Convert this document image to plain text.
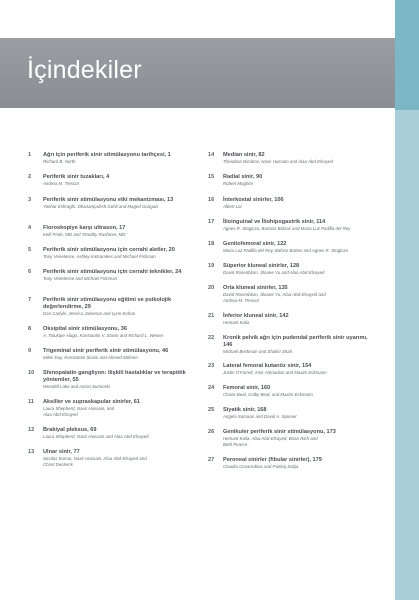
İçindekiler
1	Ağrı için periferik sinir stimülasyonu tarihçesi, 1
Richard B. North
2	Periferik sinir tuzakları, 4
Andrea M. Trescot
3	Periferik sinir stimülasyonu etki mekanizması, 13
Yashar Eshraghi, Dhanampahsh Gohil and Maged Guirguis
4	Floroskopiye karşı ultrason, 17
Kelli Pride, MD and Timothy Rushmer, MD
5	Periferik sinir stimülasyonu için cerrahi aletler, 20
Tony Venetesse, Ashley Katsarakes and Michael Fishman
6	Periferik sinir stimülasyonu için cerrahi teknikler, 24
Tony Venetesse and Michael Fishman
7	Periferik sinir stimülasyonu eğitimi ve psikolojik değerlendirme, 29
Dan Carlyle, Jessica Jameson and Lynn Kohan
8	Oksipital sinir stimülasyonu, 36
A. Tolulope Alugo, Konstantin V. Slavin and Richard L. Weiner
9	Trigeminal sinir periferik sinir stimülasyonu, 46
Miles Day, Konstantin Slavin and Ahmed Mohren
10	Sfenopalatin gangliyon: ilişkili hastalıklar ve terapötik yöntemler, 55
Wendell Lake and Aaron Suminski
11	Aksiller ve supraskapular sinirler, 61
Laura Shepherd, Nasir Hussain, and
Alaa Abd-Elsayed
12	Brakiyal pleksus, 69
Laura Shepherd, Nasir Hussain and Alaa Abd-Elsayed
13	Ulnar sinir, 77
Nicolas Kumar, Nasir Hussain, Alaa Abd-Elsayed and
Christ Declerck
14	Median sinir, 82
Theodore Dimitrov, Nasir Hussain and Alaa Abd-Elsayed
15	Radial sinir, 90
Robert Moghim
16	İnterkostal sinirler, 106
Albert Lai
17	İlioinguinal ve İliohipogastrik sinir, 114
Agnes R. Stogicza, Bartosz Bolzas and Maria Luz Padilla del Rey
18	Genitofemoral sinir, 122
Maria Luz Padilla del Rey, Bafosz Bartos and Agnes R. Stogicza
19	Süperior kluneal sinirler, 128
David Rosenblum, Sloane Yu and Alaa Abd-Elsayed
20	Orta kluneal sinirler, 135
David Rosenblum, Sloane Yu, Alaa Abd-Elsayed and
Andrea M. Trescot
21	İnferior kluneal sinir, 142
Hemant Kalia
22	Kronik pelvik ağrı için pudendal periferik sinir uyarımı, 146
Michael Beckman and Shalini Shah
23	Lateral femoral kutanöz sinir, 154
Justin O'Farrell, Amir Ahmadian and Maxim Eckmann
24	Femoral sinir, 160
Chase Beal, Colby Beal, and Maxim Eckmann
25	Siyatik sinir, 168
Angela Samaan and David A. Spinner
26	Genikuler periferik sinir stimülasyonu, 173
Hemant Kalia, Alaa Abd-Elsayed, Brian Rich and
Beth Pearce
27	Peroneal sinirler (fibular sinirler), 179
Claudia Covarrubias and Pankaj Satija
